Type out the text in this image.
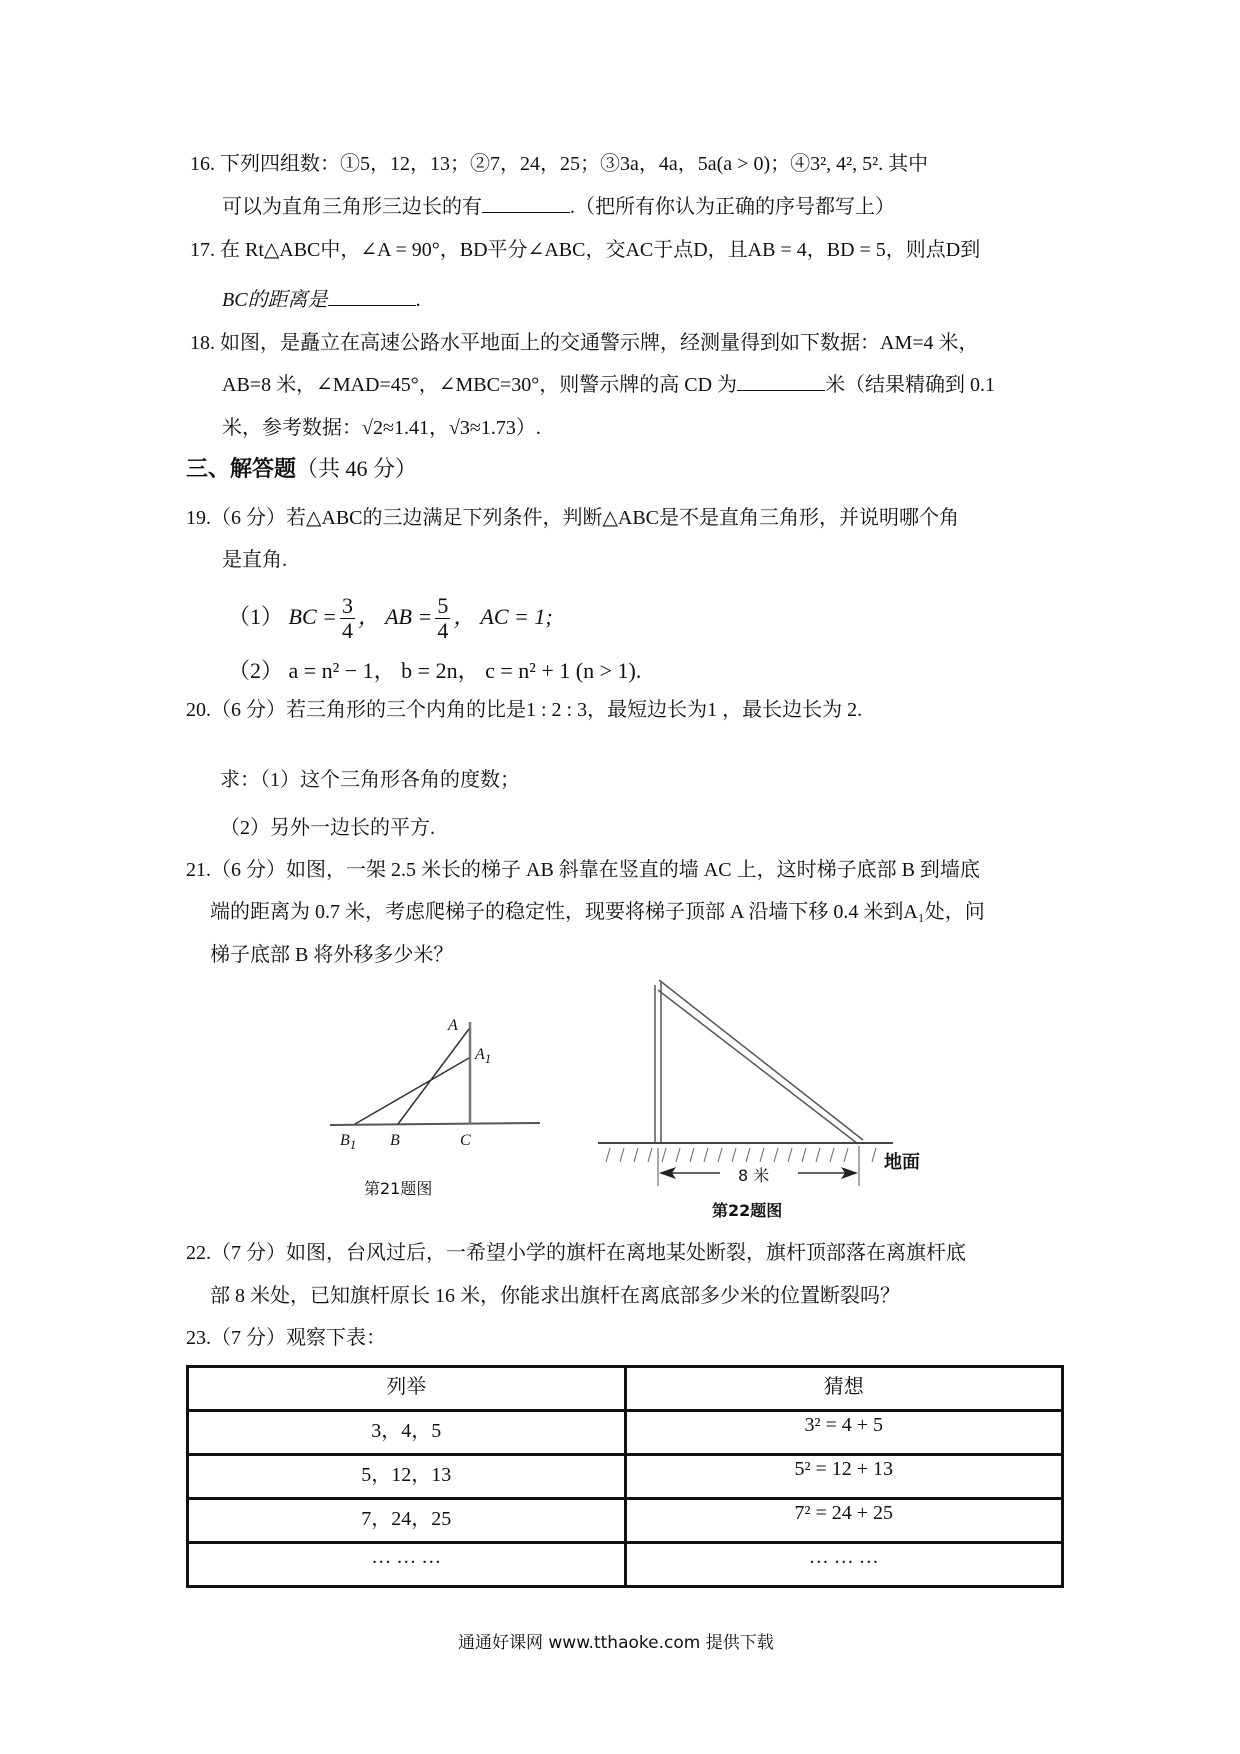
16. 下列四组数：①5，12，13；②7，24，25；③3a，4a，5a(a > 0)；④3², 4², 5². 其中
可以为直角三角形三边长的有	.（把所有你认为正确的序号都写上）
17. 在 Rt△ABC中，∠A = 90°，BD平分∠ABC，交AC于点D，且AB = 4，BD = 5，则点D到
BC的距离是	.
18. 如图，是矗立在高速公路水平地面上的交通警示牌，经测量得到如下数据：AM=4 米，
AB=8 米，∠MAD=45°，∠MBC=30°，则警示牌的高 CD 为	米（结果精确到 0.1
米，参考数据：√2≈1.41，√3≈1.73）.
三、解答题（共 46 分）
19.（6 分）若△ABC的三边满足下列条件，判断△ABC是不是直角三角形，并说明哪个角
是直角.
（1） BC = $\frac{3}{4}$ ， AB = $\frac{5}{4}$ ， AC = 1;
（2） a = n² − 1， b = 2n， c = n² + 1 (n > 1).
20.（6 分）若三角形的三个内角的比是1 : 2 : 3，最短边长为1 ，最长边长为 2.
求：（1）这个三角形各角的度数；
（2）另外一边长的平方.
21.（6 分）如图，一架 2.5 米长的梯子 AB 斜靠在竖直的墙 AC 上，这时梯子底部 B 到墙底
端的距离为 0.7 米，考虑爬梯子的稳定性，现要将梯子顶部 A 沿墙下移 0.4 米到A₁处，问
梯子底部 B 将外移多少米？
A
$A_1$
$B_1$ B	C
第21题图
8 米
地面
第22题图
22.（7 分）如图，台风过后，一希望小学的旗杆在离地某处断裂，旗杆顶部落在离旗杆底
部 8 米处，已知旗杆原长 16 米，你能求出旗杆在离底部多少米的位置断裂吗？
23.（7 分）观察下表：
列举	猜想
3，4，5	3² = 4 + 5
5，12，13	5² = 12 + 13
7，24，25	7² = 24 + 25
… … …	… … …
通通好课网 www.tthaoke.com 提供下载
